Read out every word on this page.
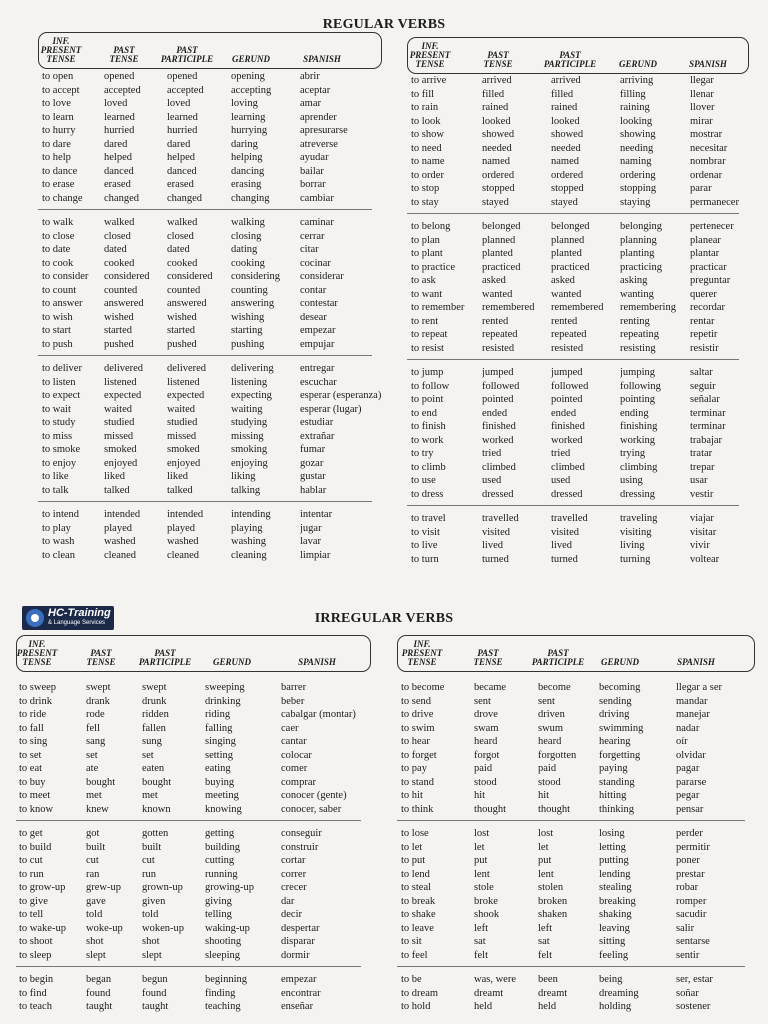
REGULAR VERBS
IRREGULAR VERBS
HC-Training
& Language Services
INF.
PRESENT
TENSE
PAST
TENSE
PAST
PARTICIPLE	GERUND	SPANISH
to open	opened	opened	opening	abrir
to accept	accepted	accepted	accepting	aceptar
to love	loved	loved	loving	amar
to learn	learned	learned	learning	aprender
to hurry	hurried	hurried	hurrying	apresurarse
to dare	dared	dared	daring	atreverse
to help	helped	helped	helping	ayudar
to dance	danced	danced	dancing	bailar
to erase	erased	erased	erasing	borrar
to change	changed	changed	changing	cambiar
to walk	walked	walked	walking	caminar
to close	closed	closed	closing	cerrar
to date	dated	dated	dating	citar
to cook	cooked	cooked	cooking	cocinar
to consider	considered	considered	considering	considerar
to count	counted	counted	counting	contar
to answer	answered	answered	answering	contestar
to wish	wished	wished	wishing	desear
to start	started	started	starting	empezar
to push	pushed	pushed	pushing	empujar
to deliver	delivered	delivered	delivering	entregar
to listen	listened	listened	listening	escuchar
to expect	expected	expected	expecting	esperar (esperanza)
to wait	waited	waited	waiting	esperar (lugar)
to study	studied	studied	studying	estudiar
to miss	missed	missed	missing	extrañar
to smoke	smoked	smoked	smoking	fumar
to enjoy	enjoyed	enjoyed	enjoying	gozar
to like	liked	liked	liking	gustar
to talk	talked	talked	talking	hablar
to intend	intended	intended	intending	intentar
to play	played	played	playing	jugar
to wash	washed	washed	washing	lavar
to clean	cleaned	cleaned	cleaning	limpiar
INF.
PRESENT
TENSE
PAST
TENSE
PAST
PARTICIPLE	GERUND	SPANISH
to arrive	arrived	arrived	arriving	llegar
to fill	filled	filled	filling	llenar
to rain	rained	rained	raining	llover
to look	looked	looked	looking	mirar
to show	showed	showed	showing	mostrar
to need	needed	needed	needing	necesitar
to name	named	named	naming	nombrar
to order	ordered	ordered	ordering	ordenar
to stop	stopped	stopped	stopping	parar
to stay	stayed	stayed	staying	permanecer
to belong	belonged	belonged	belonging	pertenecer
to plan	planned	planned	planning	planear
to plant	planted	planted	planting	plantar
to practice	practiced	practiced	practicing	practicar
to ask	asked	asked	asking	preguntar
to want	wanted	wanted	wanting	querer
to remember	remembered	remembered	remembering	recordar
to rent	rented	rented	renting	rentar
to repeat	repeated	repeated	repeating	repetir
to resist	resisted	resisted	resisting	resistir
to jump	jumped	jumped	jumping	saltar
to follow	followed	followed	following	seguir
to point	pointed	pointed	pointing	señalar
to end	ended	ended	ending	terminar
to finish	finished	finished	finishing	terminar
to work	worked	worked	working	trabajar
to try	tried	tried	trying	tratar
to climb	climbed	climbed	climbing	trepar
to use	used	used	using	usar
to dress	dressed	dressed	dressing	vestir
to travel	travelled	travelled	traveling	viajar
to visit	visited	visited	visiting	visitar
to live	lived	lived	living	vivir
to turn	turned	turned	turning	voltear
INF.
PRESENT
TENSE
PAST
TENSE
PAST
PARTICIPLE	GERUND	SPANISH
to sweep	swept	swept	sweeping	barrer
to drink	drank	drunk	drinking	beber
to ride	rode	ridden	riding	cabalgar (montar)
to fall	fell	fallen	falling	caer
to sing	sang	sung	singing	cantar
to set	set	set	setting	colocar
to eat	ate	eaten	eating	comer
to buy	bought	bought	buying	comprar
to meet	met	met	meeting	conocer (gente)
to know	knew	known	knowing	conocer, saber
to get	got	gotten	getting	conseguir
to build	built	built	building	construir
to cut	cut	cut	cutting	cortar
to run	ran	run	running	correr
to grow-up	grew-up	grown-up	growing-up	crecer
to give	gave	given	giving	dar
to tell	told	told	telling	decir
to wake-up	woke-up	woken-up	waking-up	despertar
to shoot	shot	shot	shooting	disparar
to sleep	slept	slept	sleeping	dormir
to begin	began	begun	beginning	empezar
to find	found	found	finding	encontrar
to teach	taught	taught	teaching	enseñar
INF.
PRESENT
TENSE
PAST
TENSE
PAST
PARTICIPLE	GERUND	SPANISH
to become	became	become	becoming	llegar a ser
to send	sent	sent	sending	mandar
to drive	drove	driven	driving	manejar
to swim	swam	swum	swimming	nadar
to hear	heard	heard	hearing	oír
to forget	forgot	forgotten	forgetting	olvidar
to pay	paid	paid	paying	pagar
to stand	stood	stood	standing	pararse
to hit	hit	hit	hitting	pegar
to think	thought	thought	thinking	pensar
to lose	lost	lost	losing	perder
to let	let	let	letting	permitir
to put	put	put	putting	poner
to lend	lent	lent	lending	prestar
to steal	stole	stolen	stealing	robar
to break	broke	broken	breaking	romper
to shake	shook	shaken	shaking	sacudir
to leave	left	left	leaving	salir
to sit	sat	sat	sitting	sentarse
to feel	felt	felt	feeling	sentir
to be	was, were	been	being	ser, estar
to dream	dreamt	dreamt	dreaming	soñar
to hold	held	held	holding	sostener
